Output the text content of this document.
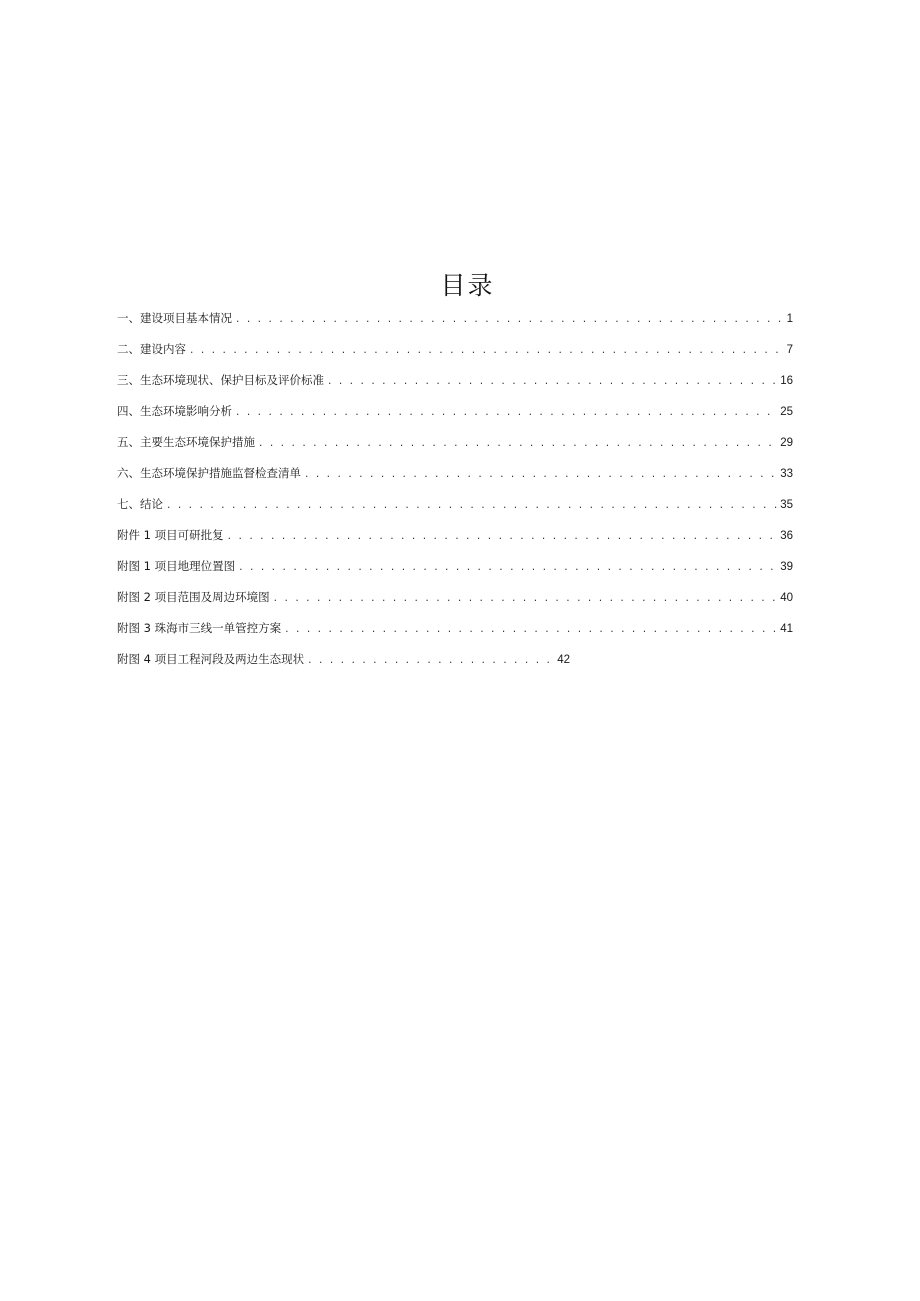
目录
一、建设项目基本情况 . . .	1
二、建设内容 . . .	7
三、生态环境现状、保护目标及评价标准 . . .	16
四、生态环境影响分析 . . .	25
五、主要生态环境保护措施 . . .	29
六、生态环境保护措施监督检查清单 . . .	33
七、结论 . . .	35
附件 1 项目可研批复 . . .	36
附图 1 项目地理位置图 . . .	39
附图 2 项目范围及周边环境图 . . .	40
附图 3 珠海市三线一单管控方案 . . .	41
附图 4 项目工程河段及两边生态现状 . . .	42
